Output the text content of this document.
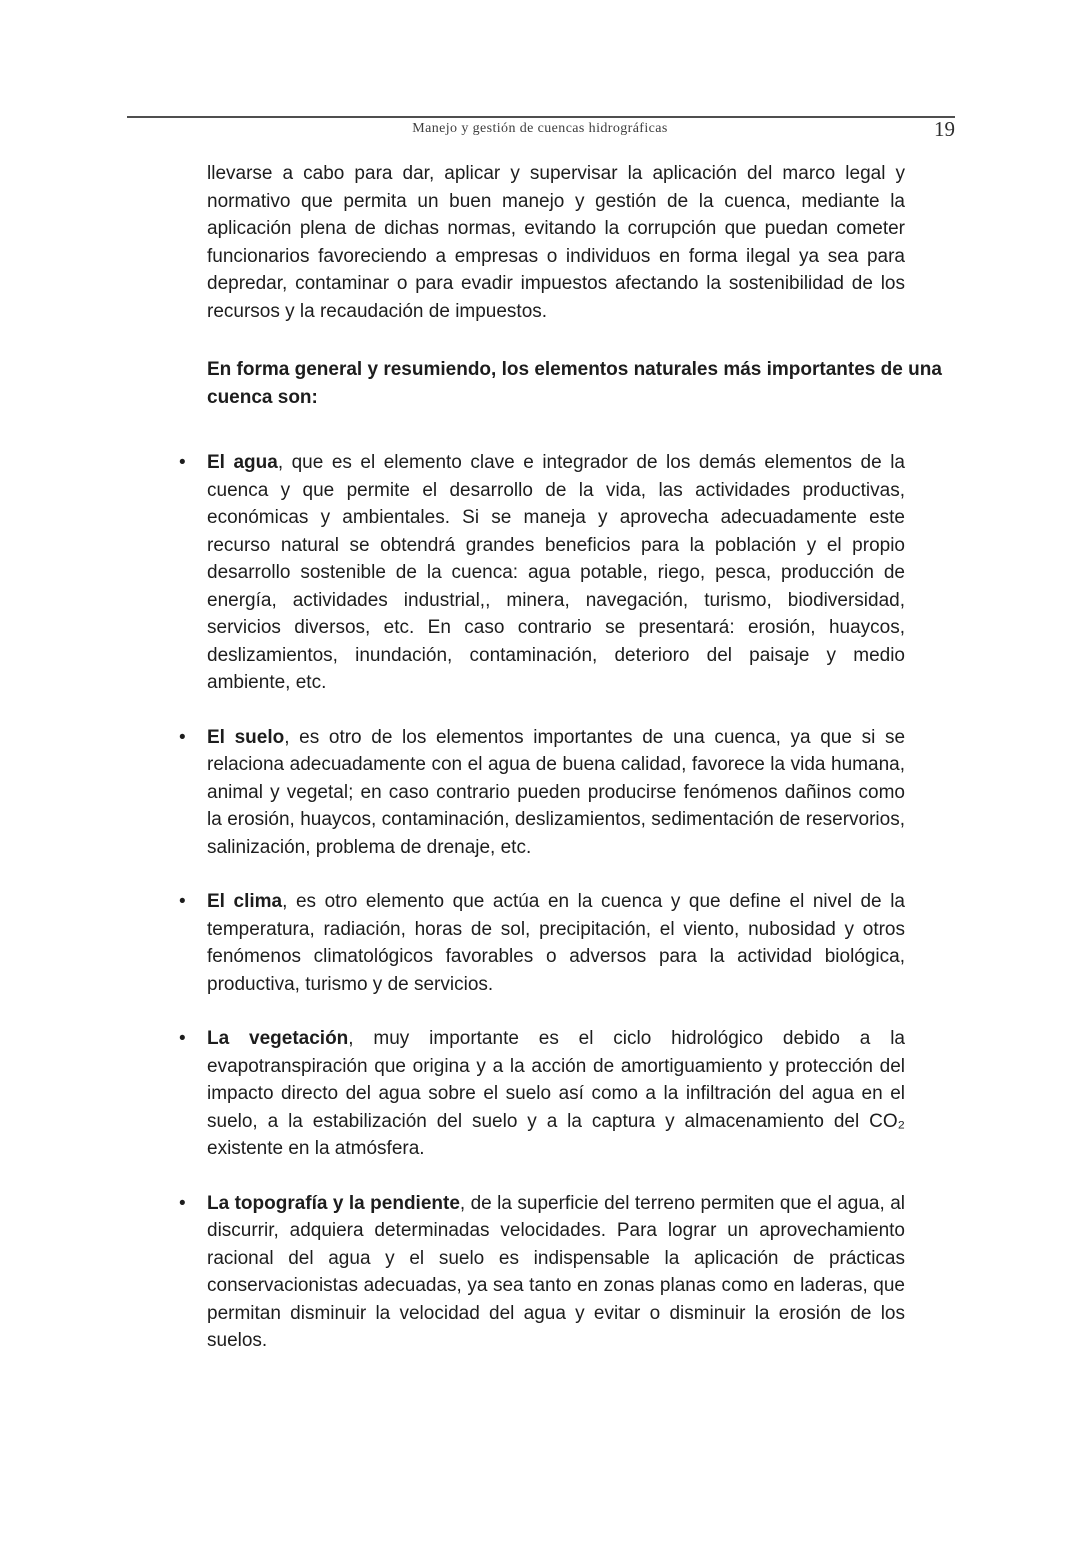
Manejo y gestión de cuencas hidrográficas	19

llevarse a cabo para dar, aplicar y supervisar la aplicación del marco legal y normativo que permita un buen manejo y gestión de la cuenca, mediante la aplicación plena de dichas normas, evitando la corrupción que puedan cometer funcionarios favoreciendo a empresas o individuos en forma ilegal ya sea para depredar, contaminar o para evadir impuestos afectando la sostenibilidad de los recursos y la recaudación de impuestos.

En forma general y resumiendo, los elementos naturales más importantes de una cuenca son:
• El agua, que es el elemento clave e integrador de los demás elementos de la cuenca y que permite el desarrollo de la vida, las actividades productivas, económicas y ambientales. Si se maneja y aprovecha adecuadamente este recurso natural se obtendrá grandes beneficios para la población y el propio desarrollo sostenible de la cuenca: agua potable, riego, pesca, producción de energía, actividades industrial,, minera, navegación, turismo, biodiversidad, servicios diversos, etc. En caso contrario se presentará: erosión, huaycos, deslizamientos, inundación, contaminación, deterioro del paisaje y medio ambiente, etc.
• El suelo, es otro de los elementos importantes de una cuenca, ya que si se relaciona adecuadamente con el agua de buena calidad, favorece la vida humana, animal y vegetal; en caso contrario pueden producirse fenómenos dañinos como la erosión, huaycos, contaminación, deslizamientos, sedimentación de reservorios, salinización, problema de drenaje, etc.
• El clima, es otro elemento que actúa en la cuenca y que define el nivel de la temperatura, radiación, horas de sol, precipitación, el viento, nubosidad y otros fenómenos climatológicos favorables o adversos para la actividad biológica, productiva, turismo y de servicios.
• La vegetación, muy importante es el ciclo hidrológico debido a la evapotranspiración que origina y a la acción de amortiguamiento y protección del impacto directo del agua sobre el suelo así como a la infiltración del agua en el suelo, a la estabilización del suelo y a la captura y almacenamiento del CO₂ existente en la atmósfera.
• La topografía y la pendiente, de la superficie del terreno permiten que el agua, al discurrir, adquiera determinadas velocidades. Para lograr un aprovechamiento racional del agua y el suelo es indispensable la aplicación de prácticas conservacionistas adecuadas, ya sea tanto en zonas planas como en laderas, que permitan disminuir la velocidad del agua y evitar o disminuir la erosión de los suelos.
